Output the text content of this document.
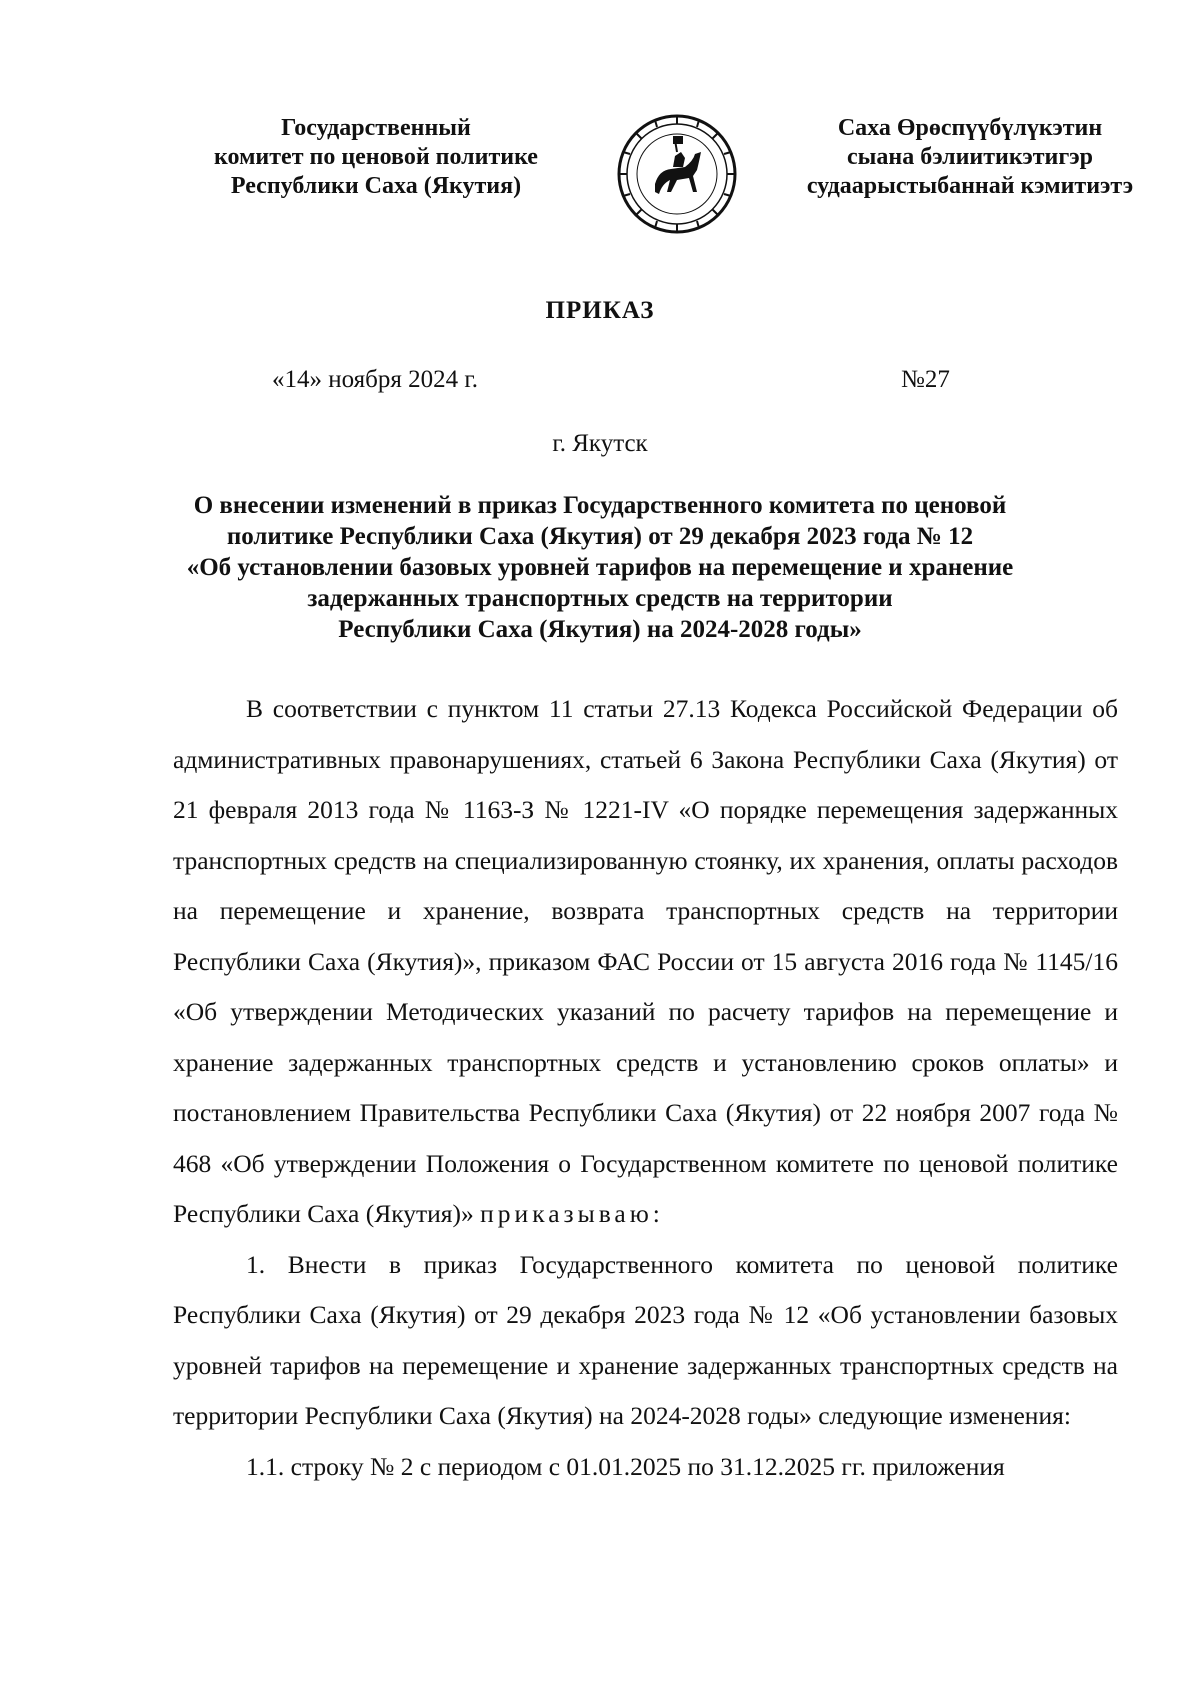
Государственный
комитет по ценовой политике
Республики Саха (Якутия)
Саха Өрөспүүбүлүкэтин
сыана бэлиитикэтигэр
судаарыстыбаннай кэмитиэтэ
ПРИКАЗ
«14» ноября 2024 г.	№27
г. Якутск
О внесении изменений в приказ Государственного комитета по ценовой
политике Республики Саха (Якутия) от 29 декабря 2023 года № 12
«Об установлении базовых уровней тарифов на перемещение и хранение
задержанных транспортных средств на территории
Республики Саха (Якутия) на 2024-2028 годы»

В соответствии с пунктом 11 статьи 27.13 Кодекса Российской Федерации об административных правонарушениях, статьей 6 Закона Республики Саха (Якутия) от 21 февраля 2013 года № 1163-З № 1221-IV «О порядке перемещения задержанных транспортных средств на специализированную стоянку, их хранения, оплаты расходов на перемещение и хранение, возврата транспортных средств на территории Республики Саха (Якутия)», приказом ФАС России от 15 августа 2016 года № 1145/16 «Об утверждении Методических указаний по расчету тарифов на перемещение и хранение задержанных транспортных средств и установлению сроков оплаты» и постановлением Правительства Республики Саха (Якутия) от 22 ноября 2007 года № 468 «Об утверждении Положения о Государственном комитете по ценовой политике Республики Саха (Якутия)» приказываю:

1. Внести в приказ Государственного комитета по ценовой политике Республики Саха (Якутия) от 29 декабря 2023 года № 12 «Об установлении базовых уровней тарифов на перемещение и хранение задержанных транспортных средств на территории Республики Саха (Якутия) на 2024-2028 годы» следующие изменения:

1.1. строку № 2 с периодом с 01.01.2025 по 31.12.2025 гг. приложения
